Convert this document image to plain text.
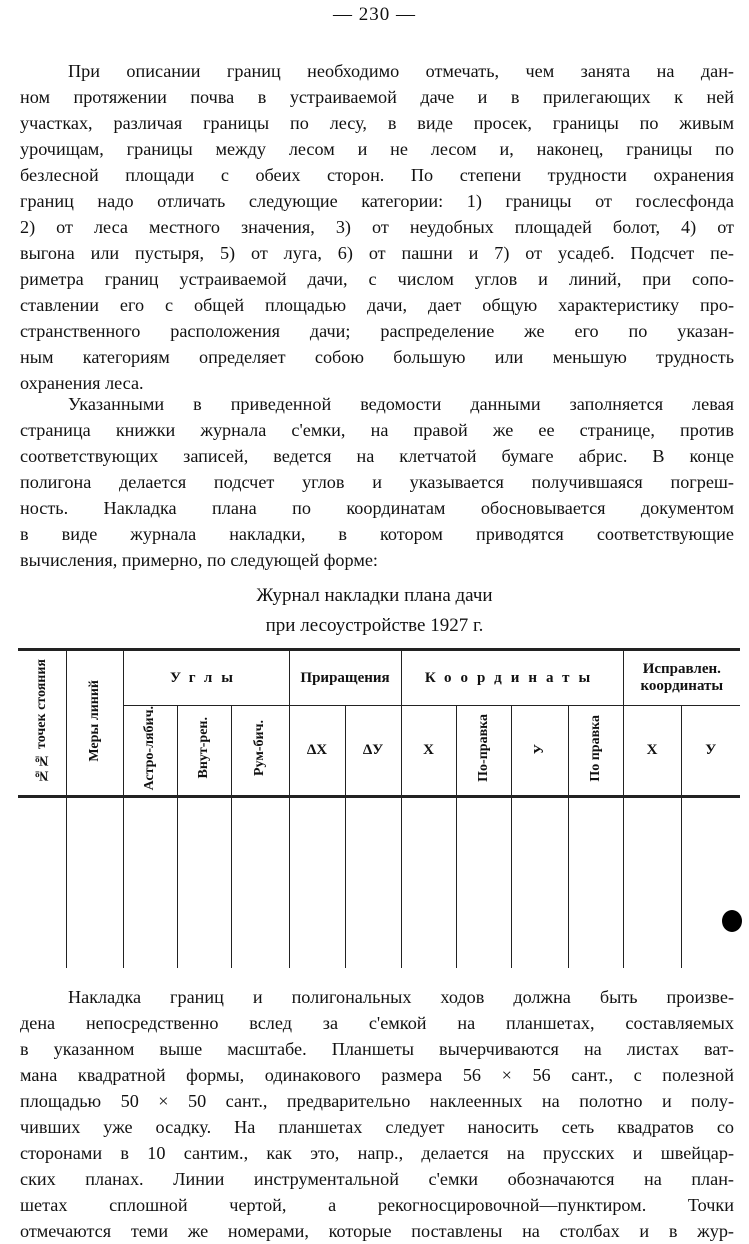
— 230 —
При описании границ необходимо отмечать, чем занята на дан-
ном протяжении почва в устраиваемой даче и в прилегающих к ней
участках, различая границы по лесу, в виде просек, границы по живым
урочищам, границы между лесом и не лесом и, наконец, границы по
безлесной площади с обеих сторон. По степени трудности охранения
границ надо отличать следующие категории: 1) границы от гослесфонда
2) от леса местного значения, 3) от неудобных площадей болот, 4) от
выгона или пустыря, 5) от луга, 6) от пашни и 7) от усадеб. Подсчет пе-
риметра границ устраиваемой дачи, с числом углов и линий, при сопо-
ставлении его с общей площадью дачи, дает общую характеристику про-
странственного расположения дачи; распределение же его по указан-
ным категориям определяет собою большую или меньшую трудность
охранения леса.
Указанными в приведенной ведомости данными заполняется левая
страница книжки журнала с'емки, на правой же ее странице, против
соответствующих записей, ведется на клетчатой бумаге абрис. В конце
полигона делается подсчет углов и указывается получившаяся погреш-
ность. Накладка плана по координатам обосновывается документом
в виде журнала накладки, в котором приводятся соответствующие
вычисления, примерно, по следующей форме:
Журнал накладки плана дачи
при лесоустройстве 1927 г.
№№ точек стояния	Меры линий	Углы			Приращения		Координаты				Исправлен. координаты	
		Астро-лябич.	Внут-рен.	Рум-бич.	ΔХ	ΔУ	Х	По-правка	У	По правка	Х	У

Накладка границ и полигональных ходов должна быть произве-
дена непосредственно вслед за с'емкой на планшетах, составляемых
в указанном выше масштабе. Планшеты вычерчиваются на листах ват-
мана квадратной формы, одинакового размера 56 × 56 сант., с полезной
площадью 50 × 50 сант., предварительно наклеенных на полотно и полу-
чивших уже осадку. На планшетах следует наносить сеть квадратов со
сторонами в 10 сантим., как это, напр., делается на прусских и швейцар-
ских планах. Линии инструментальной с'емки обозначаются на план-
шетах сплошной чертой, а рекогносцировочной—пунктиром. Точки
отмечаются теми же номерами, которые поставлены на столбах и в жур-
